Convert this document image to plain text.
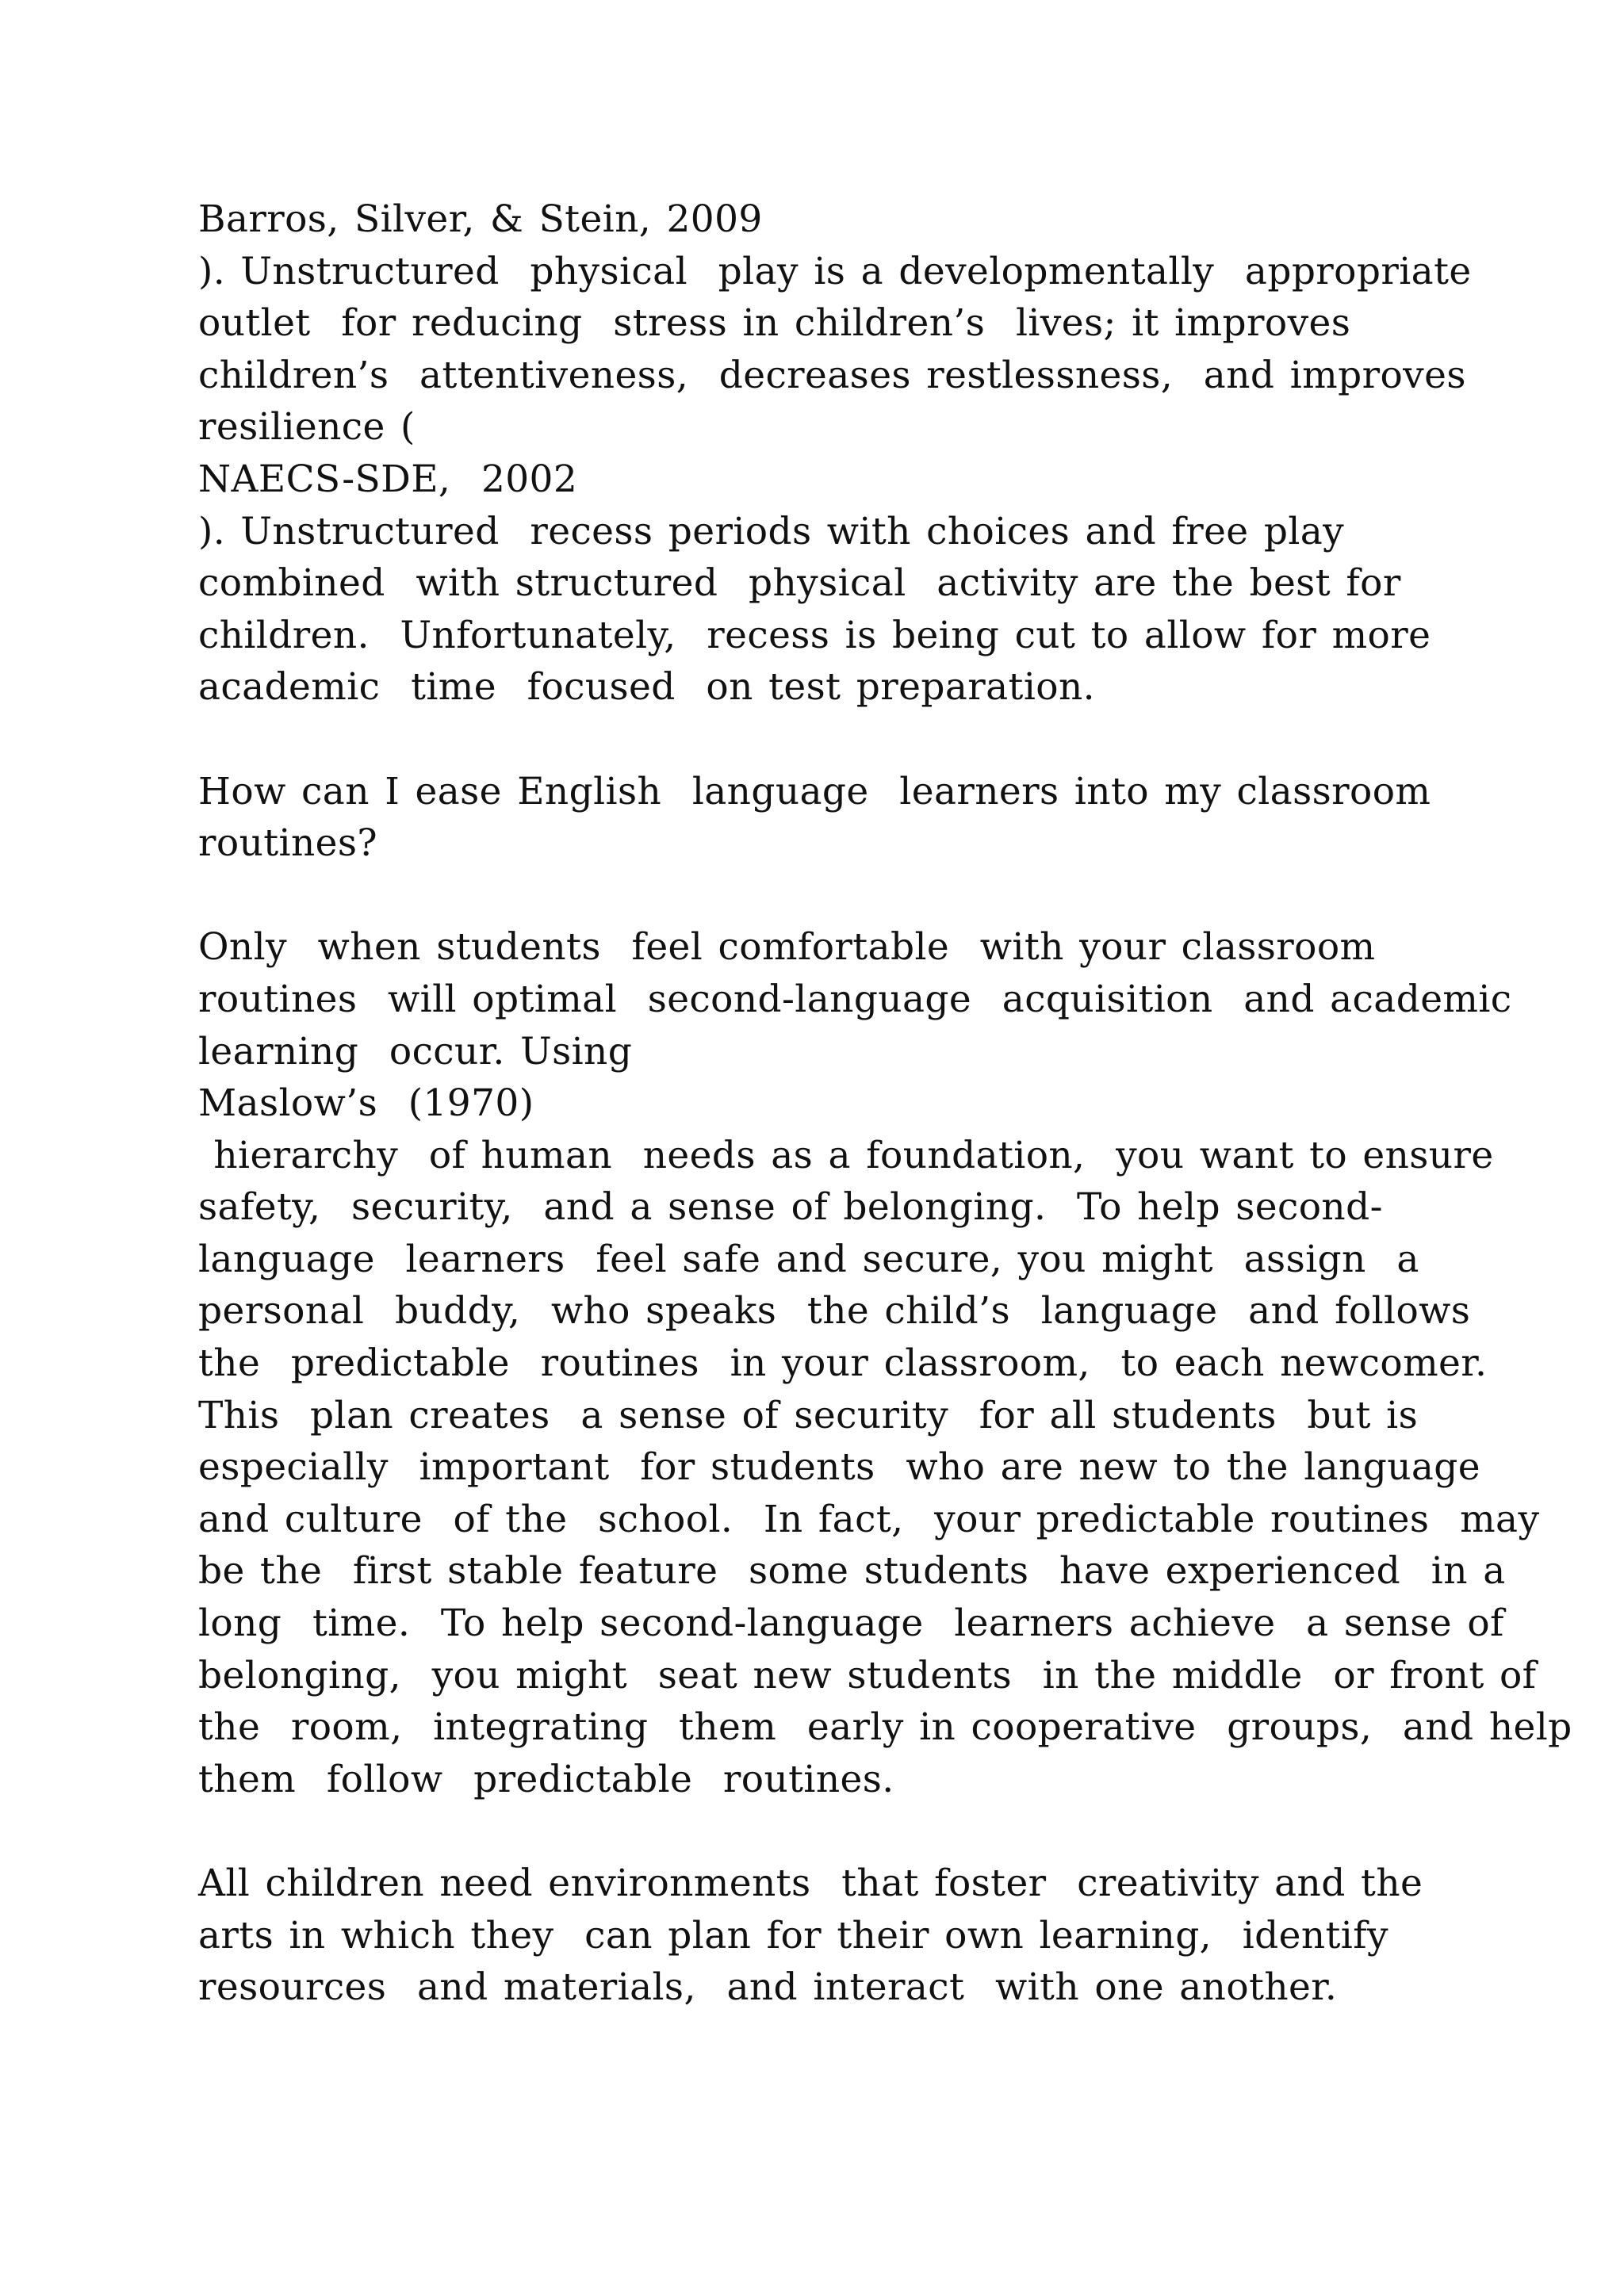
Barros, Silver, & Stein, 2009
). Unstructured  physical  play is a developmentally  appropriate
outlet  for reducing  stress in children’s  lives; it improves
children’s  attentiveness,  decreases restlessness,  and improves
resilience (
NAECS-SDE,  2002
). Unstructured  recess periods with choices and free play
combined  with structured  physical  activity are the best for
children.  Unfortunately,  recess is being cut to allow for more
academic  time  focused  on test preparation.
How can I ease English  language  learners into my classroom
routines?
Only  when students  feel comfortable  with your classroom
routines  will optimal  second-language  acquisition  and academic
learning  occur. Using
Maslow’s  (1970)
hierarchy  of human  needs as a foundation,  you want to ensure
safety,  security,  and a sense of belonging.  To help second-
language  learners  feel safe and secure, you might  assign  a
personal  buddy,  who speaks  the child’s  language  and follows
the  predictable  routines  in your classroom,  to each newcomer.
This  plan creates  a sense of security  for all students  but is
especially  important  for students  who are new to the language
and culture  of the  school.  In fact,  your predictable routines  may
be the  first stable feature  some students  have experienced  in a
long  time.  To help second-language  learners achieve  a sense of
belonging,  you might  seat new students  in the middle  or front of
the  room,  integrating  them  early in cooperative  groups,  and help
them  follow  predictable  routines.
All children need environments  that foster  creativity and the
arts in which they  can plan for their own learning,  identify
resources  and materials,  and interact  with one another.
